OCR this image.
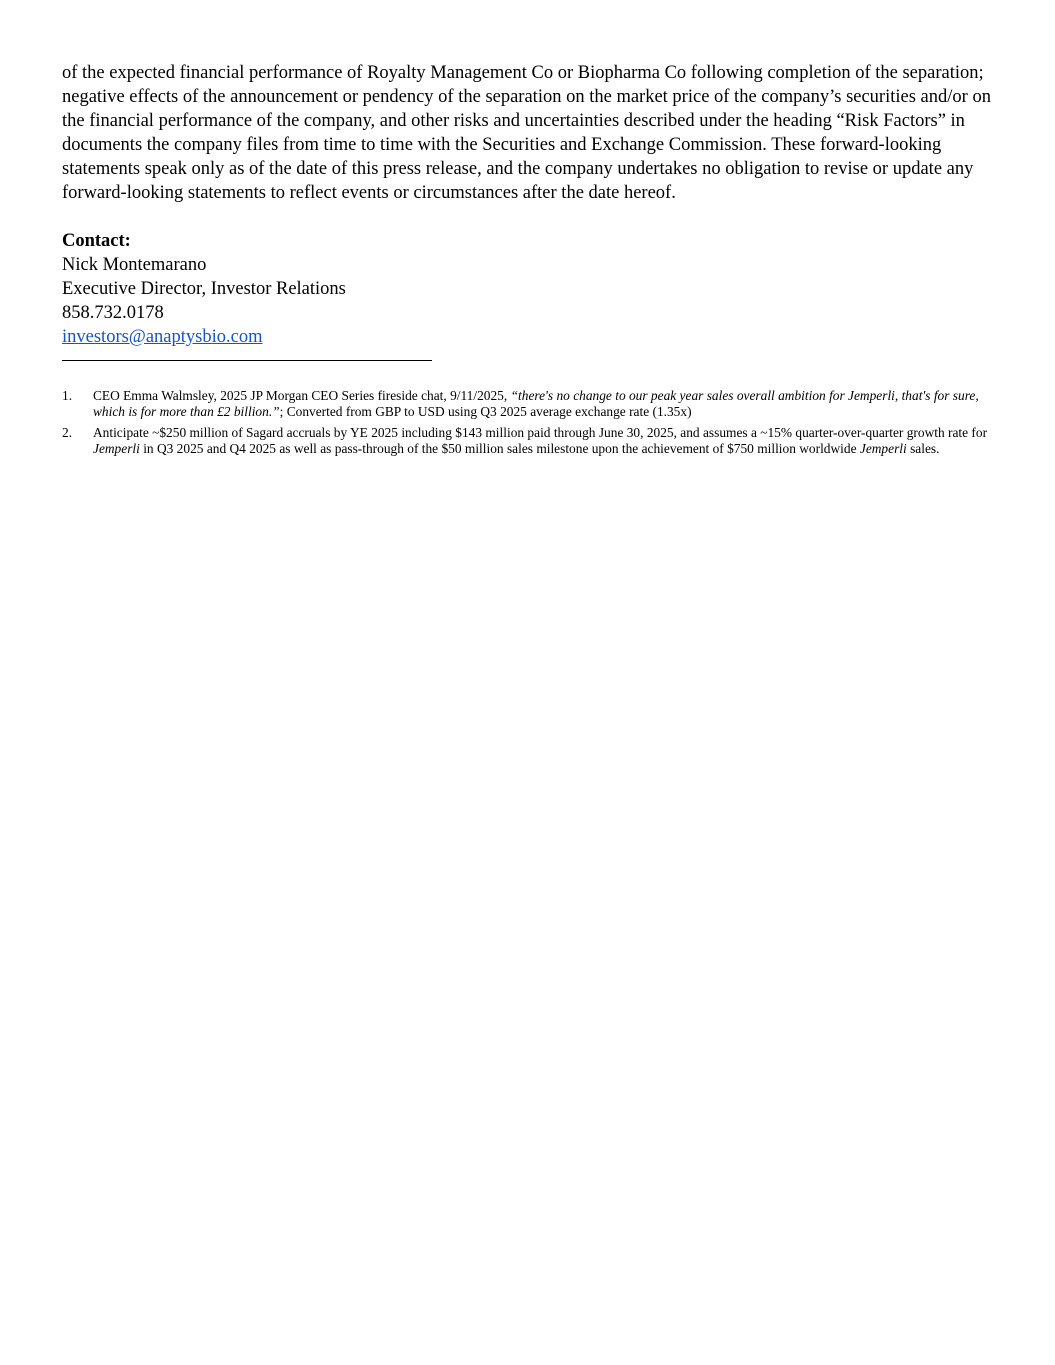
of the expected financial performance of Royalty Management Co or Biopharma Co following completion of the separation; negative effects of the announcement or pendency of the separation on the market price of the company’s securities and/or on the financial performance of the company, and other risks and uncertainties described under the heading “Risk Factors” in documents the company files from time to time with the Securities and Exchange Commission. These forward-looking statements speak only as of the date of this press release, and the company undertakes no obligation to revise or update any forward-looking statements to reflect events or circumstances after the date hereof.

Contact:
Nick Montemarano
Executive Director, Investor Relations
858.732.0178
investors@anaptysbio.com
1.	CEO Emma Walmsley, 2025 JP Morgan CEO Series fireside chat, 9/11/2025, “there's no change to our peak year sales overall ambition for Jemperli, that's for sure, which is for more than £2 billion.”; Converted from GBP to USD using Q3 2025 average exchange rate (1.35x)
2.	Anticipate ~$250 million of Sagard accruals by YE 2025 including $143 million paid through June 30, 2025, and assumes a ~15% quarter-over-quarter growth rate for Jemperli in Q3 2025 and Q4 2025 as well as pass-through of the $50 million sales milestone upon the achievement of $750 million worldwide Jemperli sales.
